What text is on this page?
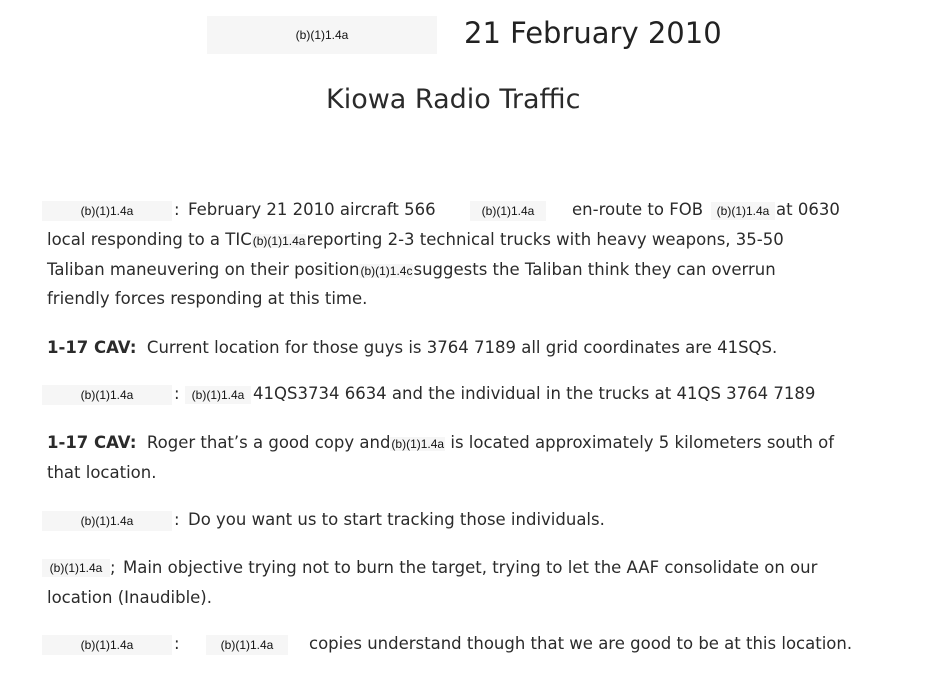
(b)(1)1.4a	21 February 2010
Kiowa Radio Traffic
(b)(1)1.4a	: February 21 2010 aircraft 566	(b)(1)1.4a	en-route to FOB	(b)(1)1.4a at 0630
local responding to a TIC(b)(1)1.4areporting 2-3 technical trucks with heavy weapons, 35-50
Taliban maneuvering on their position(b)(1)1.4csuggests the Taliban think they can overrun
friendly forces responding at this time.
1-17 CAV: Current location for those guys is 3764 7189 all grid coordinates are 41SQS.
(b)(1)1.4a	:	(b)(1)1.4a 41QS3734 6634 and the individual in the trucks at 41QS 3764 7189
1-17 CAV: Roger that’s a good copy and(b)(1)1.4a is located approximately 5 kilometers south of
that location.
(b)(1)1.4a	: Do you want us to start tracking those individuals.
(b)(1)1.4a ; Main objective trying not to burn the target, trying to let the AAF consolidate on our
location (Inaudible).
(b)(1)1.4a	:	(b)(1)1.4a	copies understand though that we are good to be at this location.
